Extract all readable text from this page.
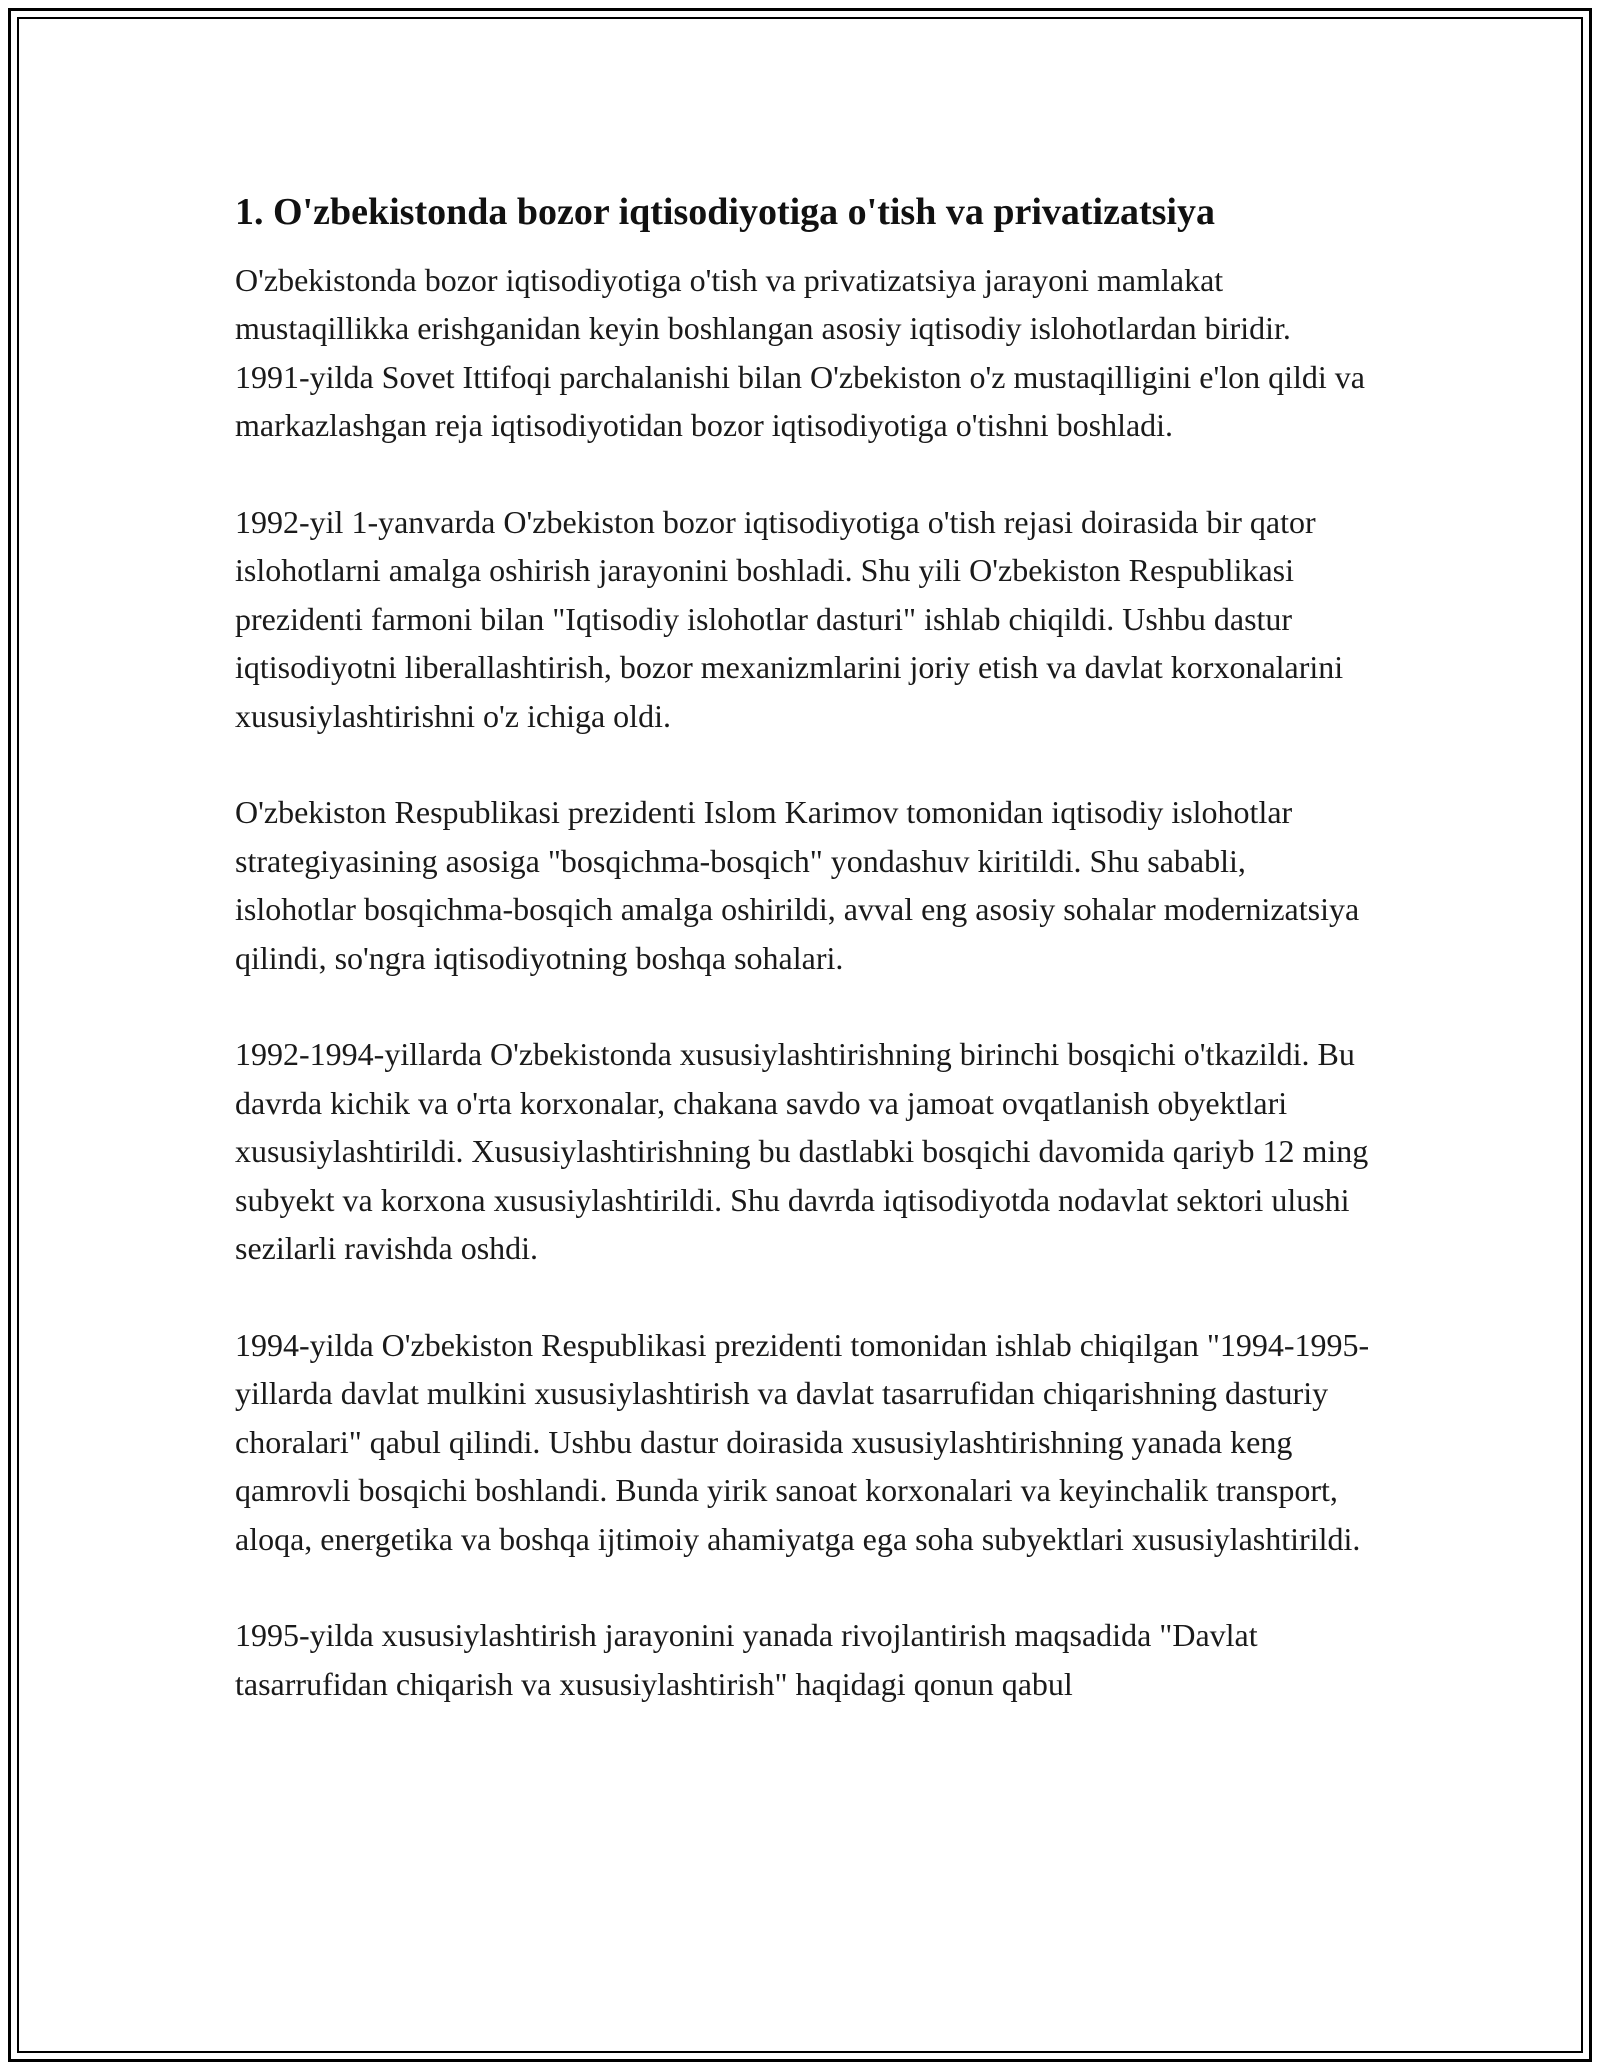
1. O'zbekistonda bozor iqtisodiyotiga o'tish va privatizatsiya

O'zbekistonda bozor iqtisodiyotiga o'tish va privatizatsiya jarayoni mamlakat mustaqillikka erishganidan keyin boshlangan asosiy iqtisodiy islohotlardan biridir. 1991-yilda Sovet Ittifoqi parchalanishi bilan O'zbekiston o'z mustaqilligini e'lon qildi va markazlashgan reja iqtisodiyotidan bozor iqtisodiyotiga o'tishni boshladi.

1992-yil 1-yanvarda O'zbekiston bozor iqtisodiyotiga o'tish rejasi doirasida bir qator islohotlarni amalga oshirish jarayonini boshladi. Shu yili O'zbekiston Respublikasi prezidenti farmoni bilan "Iqtisodiy islohotlar dasturi" ishlab chiqildi. Ushbu dastur iqtisodiyotni liberallashtirish, bozor mexanizmlarini joriy etish va davlat korxonalarini xususiylashtirishni o'z ichiga oldi.

O'zbekiston Respublikasi prezidenti Islom Karimov tomonidan iqtisodiy islohotlar strategiyasining asosiga "bosqichma-bosqich" yondashuv kiritildi. Shu sababli, islohotlar bosqichma-bosqich amalga oshirildi, avval eng asosiy sohalar modernizatsiya qilindi, so'ngra iqtisodiyotning boshqa sohalari.

1992-1994-yillarda O'zbekistonda xususiylashtirishning birinchi bosqichi o'tkazildi. Bu davrda kichik va o'rta korxonalar, chakana savdo va jamoat ovqatlanish obyektlari xususiylashtirildi. Xususiylashtirishning bu dastlabki bosqichi davomida qariyb 12 ming subyekt va korxona xususiylashtirildi. Shu davrda iqtisodiyotda nodavlat sektori ulushi sezilarli ravishda oshdi.

1994-yilda O'zbekiston Respublikasi prezidenti tomonidan ishlab chiqilgan "1994-1995-yillarda davlat mulkini xususiylashtirish va davlat tasarrufidan chiqarishning dasturiy choralari" qabul qilindi. Ushbu dastur doirasida xususiylashtirishning yanada keng qamrovli bosqichi boshlandi. Bunda yirik sanoat korxonalari va keyinchalik transport, aloqa, energetika va boshqa ijtimoiy ahamiyatga ega soha subyektlari xususiylashtirildi.

1995-yilda xususiylashtirish jarayonini yanada rivojlantirish maqsadida "Davlat tasarrufidan chiqarish va xususiylashtirish" haqidagi qonun qabul
